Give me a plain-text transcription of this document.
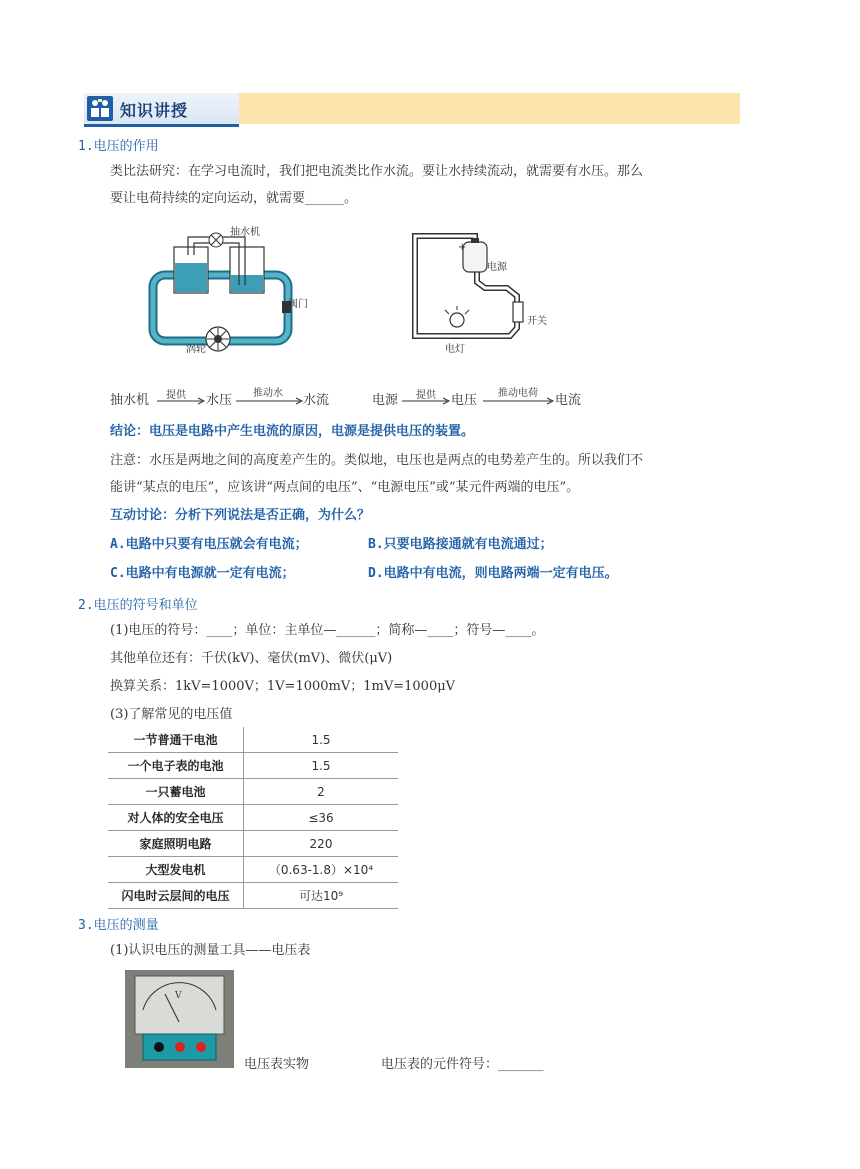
知识讲授
1.电压的作用
类比法研究：在学习电流时，我们把电流类比作水流。要让水持续流动，就需要有水压。那么
要让电荷持续的定向运动，就需要______。
抽水机
阀门
涡轮
+
电源
开关
电灯
抽水机 提供 水压 推动水 水流	电源 提供 电压 推动电荷 电流
结论：电压是电路中产生电流的原因，电源是提供电压的装置。
注意：水压是两地之间的高度差产生的。类似地，电压也是两点的电势差产生的。所以我们不
能讲“某点的电压”，应该讲“两点间的电压”、“电源电压”或“某元件两端的电压”。
互动讨论：分析下列说法是否正确，为什么？
A.电路中只要有电压就会有电流；	B.只要电路接通就有电流通过；
C.电路中有电源就一定有电流；	D.电路中有电流，则电路两端一定有电压。
2.电压的符号和单位
(1)电压的符号：____；单位：主单位—______；简称—____；符号—____。
其他单位还有：千伏(kV)、毫伏(mV)、微伏(μV)
换算关系：1kV=1000V；1V=1000mV；1mV=1000μV
(3)了解常见的电压值
一节普通干电池	1.5
一个电子表的电池	1.5
一只蓄电池	2
对人体的安全电压	≤36
家庭照明电路	220
大型发电机	（0.63-1.8）×10⁴
闪电时云层间的电压	可达10⁹
3.电压的测量
(1)认识电压的测量工具——电压表
V
电压表实物	电压表的元件符号：_______
